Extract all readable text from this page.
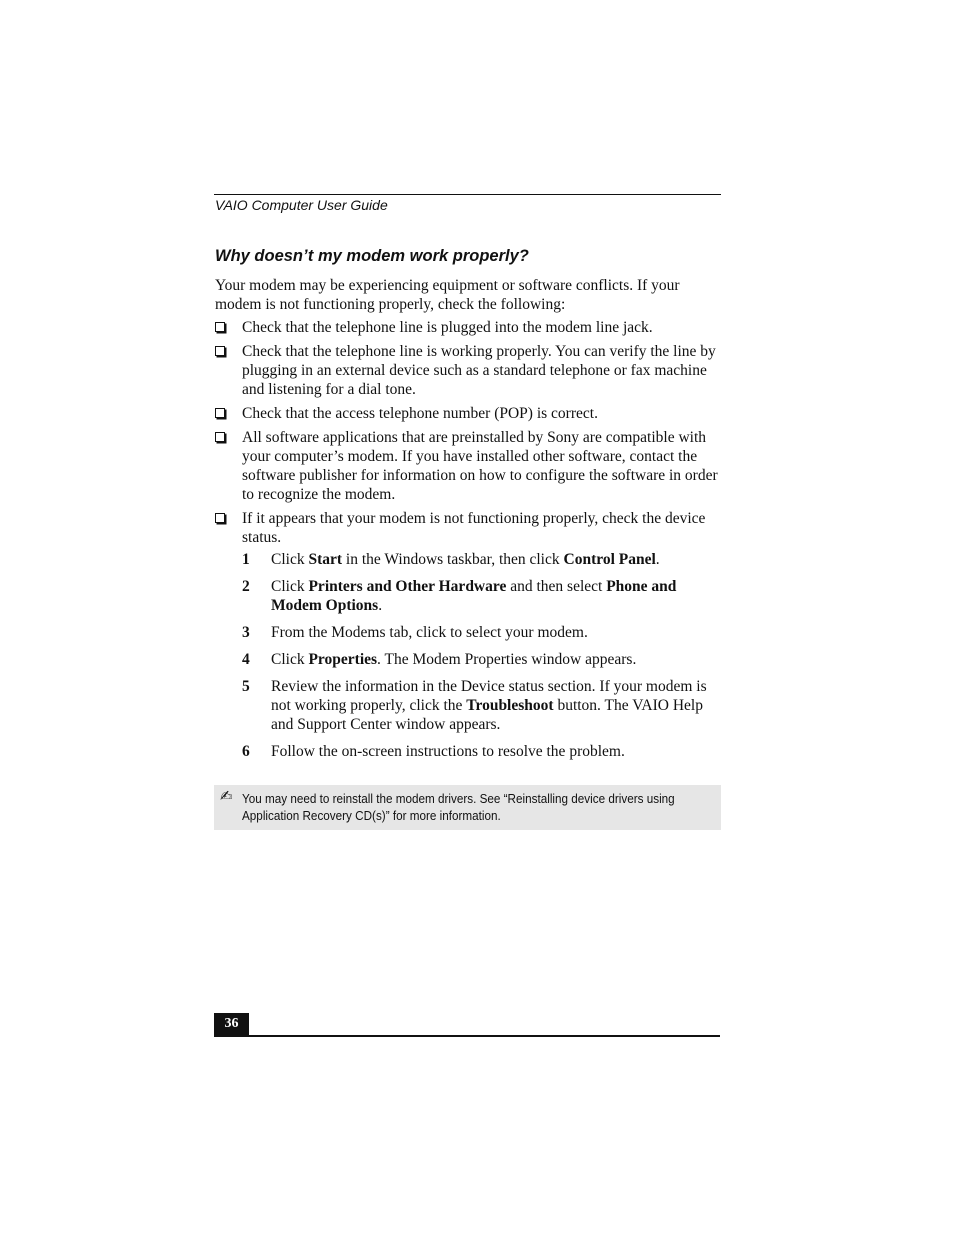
VAIO Computer User Guide
Why doesn’t my modem work properly?
Your modem may be experiencing equipment or software conflicts. If your modem is not functioning properly, check the following:
Check that the telephone line is plugged into the modem line jack.
Check that the telephone line is working properly. You can verify the line by plugging in an external device such as a standard telephone or fax machine and listening for a dial tone.
Check that the access telephone number (POP) is correct.
All software applications that are preinstalled by Sony are compatible with your computer’s modem. If you have installed other software, contact the software publisher for information on how to configure the software in order to recognize the modem.
If it appears that your modem is not functioning properly, check the device status.
1 Click Start in the Windows taskbar, then click Control Panel.
2 Click Printers and Other Hardware and then select Phone and Modem Options.
3 From the Modems tab, click to select your modem.
4 Click Properties. The Modem Properties window appears.
5 Review the information in the Device status section. If your modem is not working properly, click the Troubleshoot button. The VAIO Help and Support Center window appears.
6 Follow the on-screen instructions to resolve the problem.
✍ You may need to reinstall the modem drivers. See “Reinstalling device drivers using
Application Recovery CD(s)” for more information.
36
